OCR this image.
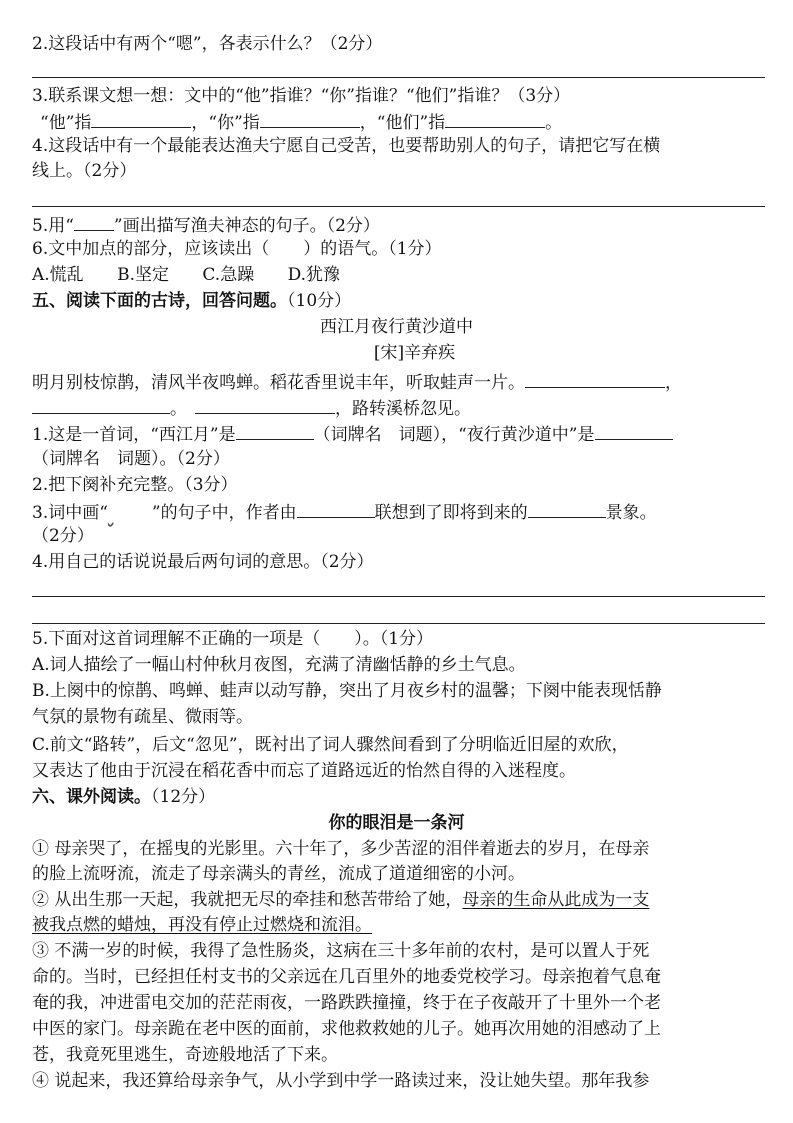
2.这段话中有两个“嗯”，各表示什么？（2分）
3.联系课文想一想：文中的“他”指谁？“你”指谁？“他们”指谁？（3分）
“他”指	，“你”指	，“他们”指	。
4.这段话中有一个最能表达渔夫宁愿自己受苦，也要帮助别人的句子，请把它写在横
线上。（2分）
5.用“ ”画出描写渔夫神态的句子。（2分）
6.文中加点的部分，应该读出（　　）的语气。（1分）
A.慌乱 B.坚定 C.急躁 D.犹豫
五、阅读下面的古诗，回答问题。（10分）
西江月夜行黄沙道中
[宋]辛弃疾
明月别枝惊鹊，清风半夜鸣蝉。稻花香里说丰年，听取蛙声一片。	，
。	，路转溪桥忽见。
1.这是一首词，“西江月”是	（词牌名　词题），“夜行黄沙道中”是
（词牌名　词题）。（2分）
2.把下阕补充完整。（3分）
3.词中画“	”的句子中，作者由	联想到了即将到来的	景象。
（2分）
4.用自己的话说说最后两句词的意思。（2分）
5.下面对这首词理解不正确的一项是（　　）。（1分）
A.词人描绘了一幅山村仲秋月夜图，充满了清幽恬静的乡土气息。
B.上阕中的惊鹊、鸣蝉、蛙声以动写静，突出了月夜乡村的温馨；下阕中能表现恬静
气氛的景物有疏星、微雨等。
C.前文“路转”，后文“忽见”，既衬出了词人骤然间看到了分明临近旧屋的欢欣，
又表达了他由于沉浸在稻花香中而忘了道路远近的怡然自得的入迷程度。
六、课外阅读。（12分）
你的眼泪是一条河
① 母亲哭了，在摇曳的光影里。六十年了，多少苦涩的泪伴着逝去的岁月，在母亲
的脸上流呀流，流走了母亲满头的青丝，流成了道道细密的小河。
② 从出生那一天起，我就把无尽的牵挂和愁苦带给了她，母亲的生命从此成为一支
被我点燃的蜡烛，再没有停止过燃烧和流泪。
③ 不满一岁的时候，我得了急性肠炎，这病在三十多年前的农村，是可以置人于死
命的。当时，已经担任村支书的父亲远在几百里外的地委党校学习。母亲抱着气息奄
奄的我，冲进雷电交加的茫茫雨夜，一路跌跌撞撞，终于在子夜敲开了十里外一个老
中医的家门。母亲跪在老中医的面前，求他救救她的儿子。她再次用她的泪感动了上
苍，我竟死里逃生，奇迹般地活了下来。
④ 说起来，我还算给母亲争气，从小学到中学一路读过来，没让她失望。那年我参
